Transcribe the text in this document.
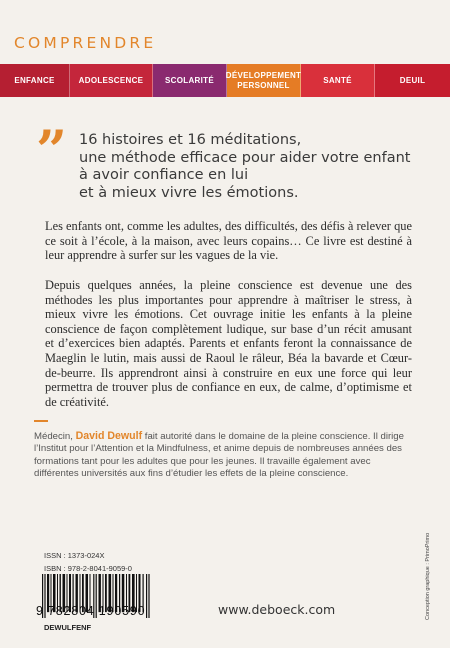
COMPRENDRE
ENFANCE	ADOLESCENCE	SCOLARITÉ
DÉVELOPPEMENT PERSONNEL
SANTÉ	DEUIL
” 16 histoires et 16 méditations,
une méthode efficace pour aider votre enfant
à avoir confiance en lui
et à mieux vivre les émotions.

Les enfants ont, comme les adultes, des difficultés, des défis à relever que ce soit à l’école, à la maison, avec leurs copains… Ce livre est destiné à leur apprendre à surfer sur les vagues de la vie.

Depuis quelques années, la pleine conscience est devenue une des méthodes les plus importantes pour apprendre à maîtriser le stress, à mieux vivre les émotions. Cet ouvrage initie les enfants à la pleine conscience de façon complètement ludique, sur base d’un récit amusant et d’exercices bien adaptés. Parents et enfants feront la connaissance de Maeglin le lutin, mais aussi de Raoul le râleur, Béa la bavarde et Cœur-de-beurre. Ils apprendront ainsi à construire en eux une force qui leur permettra de trouver plus de confiance en eux, de calme, d’optimisme et de créativité.

Médecin, David Dewulf fait autorité dans le domaine de la pleine conscience. Il dirige l’Institut pour l’Attention et la Mindfulness, et anime depuis de nombreuses années des formations tant pour les adultes que pour les jeunes. Il travaille également avec différentes universités aux fins d’étudier les effets de la pleine conscience.

ISSN : 1373-024X
ISBN : 978-2-8041-9059-0
9 782804 190590
DEWULFENF
www.deboeck.com	Conception graphique : PrimoPrimo
